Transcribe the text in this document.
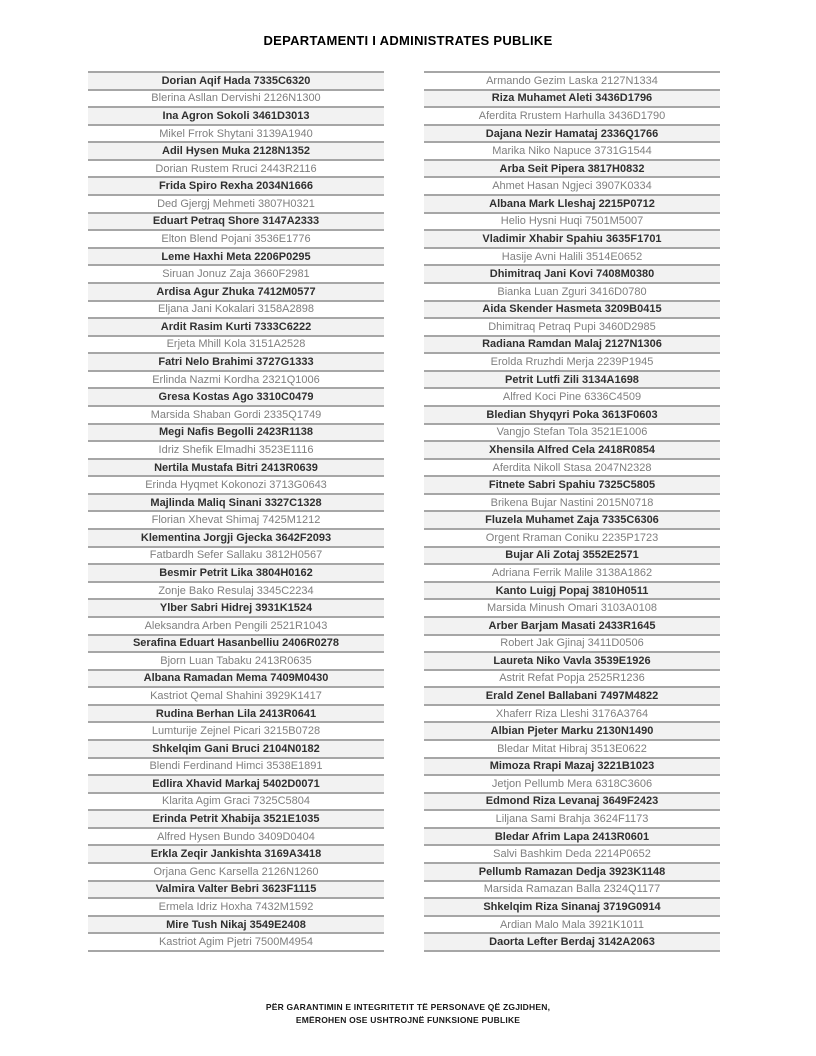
DEPARTAMENTI I ADMINISTRATES PUBLIKE
Dorian Aqif Hada 7335C6320
Blerina Asllan Dervishi 2126N1300
Ina Agron Sokoli 3461D3013
Mikel Frrok Shytani 3139A1940
Adil Hysen Muka 2128N1352
Dorian Rustem Rruci 2443R2116
Frida Spiro Rexha 2034N1666
Ded Gjergj Mehmeti 3807H0321
Eduart Petraq Shore 3147A2333
Elton Blend Pojani 3536E1776
Leme Haxhi Meta 2206P0295
Siruan Jonuz Zaja 3660F2981
Ardisa Agur Zhuka 7412M0577
Eljana Jani Kokalari 3158A2898
Ardit Rasim Kurti 7333C6222
Erjeta Mhill Kola 3151A2528
Fatri Nelo Brahimi 3727G1333
Erlinda Nazmi Kordha 2321Q1006
Gresa Kostas Ago 3310C0479
Marsida Shaban Gordi 2335Q1749
Megi Nafis Begolli 2423R1138
Idriz Shefik Elmadhi 3523E1116
Nertila Mustafa Bitri 2413R0639
Erinda Hyqmet Kokonozi 3713G0643
Majlinda Maliq Sinani 3327C1328
Florian Xhevat Shimaj 7425M1212
Klementina Jorgji Gjecka 3642F2093
Fatbardh Sefer Sallaku 3812H0567
Besmir Petrit Lika 3804H0162
Zonje Bako Resulaj 3345C2234
Ylber Sabri Hidrej 3931K1524
Aleksandra Arben Pengili 2521R1043
Serafina Eduart Hasanbelliu 2406R0278
Bjorn Luan Tabaku 2413R0635
Albana Ramadan Mema 7409M0430
Kastriot Qemal Shahini 3929K1417
Rudina Berhan Lila 2413R0641
Lumturije Zejnel Picari 3215B0728
Shkelqim Gani Bruci 2104N0182
Blendi Ferdinand Himci 3538E1891
Edlira Xhavid Markaj 5402D0071
Klarita Agim Graci 7325C5804
Erinda Petrit Xhabija 3521E1035
Alfred Hysen Bundo 3409D0404
Erkla Zeqir Jankishta 3169A3418
Orjana Genc Karsella 2126N1260
Valmira Valter Bebri 3623F1115
Ermela Idriz Hoxha 7432M1592
Mire Tush Nikaj 3549E2408
Kastriot Agim Pjetri 7500M4954
Armando Gezim Laska 2127N1334
Riza Muhamet Aleti 3436D1796
Aferdita Rrustem Harhulla 3436D1790
Dajana Nezir Hamataj 2336Q1766
Marika Niko Napuce 3731G1544
Arba Seit Pipera 3817H0832
Ahmet Hasan Ngjeci 3907K0334
Albana Mark Lleshaj 2215P0712
Helio Hysni Huqi 7501M5007
Vladimir Xhabir Spahiu 3635F1701
Hasije Avni Halili 3514E0652
Dhimitraq Jani Kovi 7408M0380
Bianka Luan Zguri 3416D0780
Aida Skender Hasmeta 3209B0415
Dhimitraq Petraq Pupi 3460D2985
Radiana Ramdan Malaj 2127N1306
Erolda Rruzhdi Merja 2239P1945
Petrit Lutfi Zili 3134A1698
Alfred Koci Pine 6336C4509
Bledian Shyqyri Poka 3613F0603
Vangjo Stefan Tola 3521E1006
Xhensila Alfred Cela 2418R0854
Aferdita Nikoll Stasa 2047N2328
Fitnete Sabri Spahiu 7325C5805
Brikena Bujar Nastini 2015N0718
Fluzela Muhamet Zaja 7335C6306
Orgent Rraman Coniku 2235P1723
Bujar Ali Zotaj 3552E2571
Adriana Ferrik Malile 3138A1862
Kanto Luigj Popaj 3810H0511
Marsida Minush Omari 3103A0108
Arber Barjam Masati 2433R1645
Robert Jak Gjinaj 3411D0506
Laureta Niko Vavla 3539E1926
Astrit Refat Popja 2525R1236
Erald Zenel Ballabani 7497M4822
Xhaferr Riza Lleshi 3176A3764
Albian Pjeter Marku 2130N1490
Bledar Mitat Hibraj 3513E0622
Mimoza Rrapi Mazaj 3221B1023
Jetjon Pellumb Mera 6318C3606
Edmond Riza Levanaj 3649F2423
Liljana Sami Brahja 3624F1173
Bledar Afrim Lapa 2413R0601
Salvi Bashkim Deda 2214P0652
Pellumb Ramazan Dedja 3923K1148
Marsida Ramazan Balla 2324Q1177
Shkelqim Riza Sinanaj 3719G0914
Ardian Malo Mala 3921K1011
Daorta Lefter Berdaj 3142A2063
PËR GARANTIMIN E INTEGRITETIT TË PERSONAVE QË ZGJIDHEN,
EMËROHEN OSE USHTROJNË FUNKSIONE PUBLIKE
